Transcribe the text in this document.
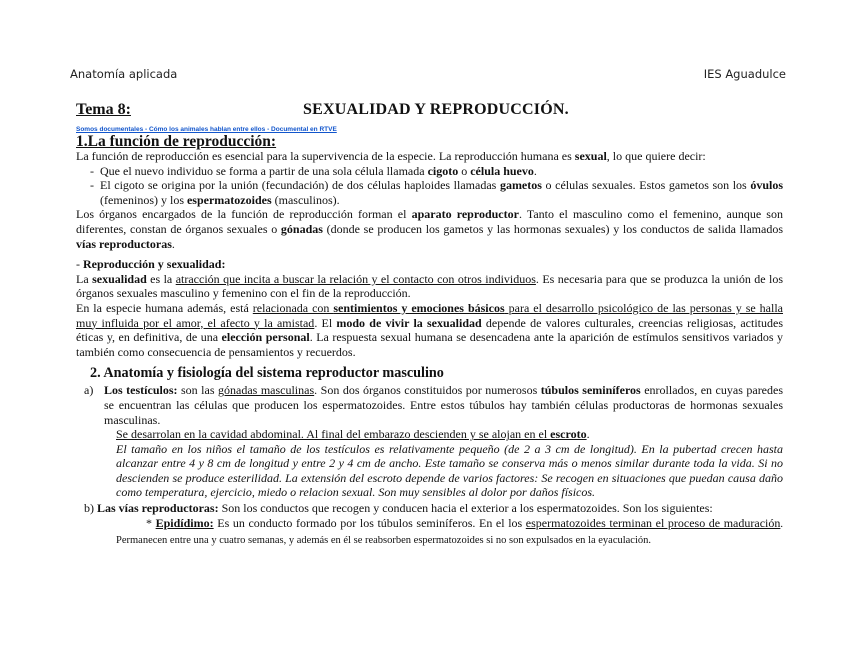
Anatomía aplicada	IES Aguadulce
Tema 8:	SEXUALIDAD Y REPRODUCCIÓN.
Somos documentales - Cómo los animales hablan entre ellos - Documental en RTVE
1.La función de reproducción:
La función de reproducción es esencial para la supervivencia de la especie. La reproducción humana es sexual, lo que quiere decir:
- Que el nuevo individuo se forma a partir de una sola célula llamada cigoto o célula huevo.
- El cigoto se origina por la unión (fecundación) de dos células haploides llamadas gametos o células sexuales. Estos gametos son los óvulos (femeninos) y los espermatozoides (masculinos).
Los órganos encargados de la función de reproducción forman el aparato reproductor. Tanto el masculino como el femenino, aunque son diferentes, constan de órganos sexuales o gónadas (donde se producen los gametos y las hormonas sexuales) y los conductos de salida llamados vías reproductoras.
- Reproducción y sexualidad:
La sexualidad es la atracción que incita a buscar la relación y el contacto con otros individuos. Es necesaria para que se produzca la unión de los órganos sexuales masculino y femenino con el fin de la reproducción.
En la especie humana además, está relacionada con sentimientos y emociones básicos para el desarrollo psicológico de las personas y se halla muy influida por el amor, el afecto y la amistad. El modo de vivir la sexualidad depende de valores culturales, creencias religiosas, actitudes éticas y, en definitiva, de una elección personal. La respuesta sexual humana se desencadena ante la aparición de estímulos sensitivos variados y también como consecuencia de pensamientos y recuerdos.
2. Anatomía y fisiología del sistema reproductor masculino
a) Los testículos: son las gónadas masculinas. Son dos órganos constituidos por numerosos túbulos seminíferos enrollados, en cuyas paredes se encuentran las células que producen los espermatozoides. Entre estos túbulos hay también células productoras de hormonas sexuales masculinas.
Se desarrolan en la cavidad abdominal. Al final del embarazo descienden y se alojan en el escroto.
El tamaño en los niños el tamaño de los testículos es relativamente pequeño (de 2 a 3 cm de longitud). En la pubertad crecen hasta alcanzar entre 4 y 8 cm de longitud y entre 2 y 4 cm de ancho. Este tamaño se conserva más o menos similar durante toda la vida. Si no descienden se produce esterilidad. La extensión del escroto depende de varios factores: Se recogen en situaciones que puedan causa daño como temperatura, ejercicio, miedo o relacion sexual. Son muy sensibles al dolor por daños físicos.
b) Las vías reproductoras: Son los conductos que recogen y conducen hacia el exterior a los espermatozoides. Son los siguientes:
* Epidídimo: Es un conducto formado por los túbulos seminíferos. En el los espermatozoides terminan el proceso de maduración. Permanecen entre una y cuatro semanas, y además en él se reabsorben espermatozoides si no son expulsados en la eyaculación.
